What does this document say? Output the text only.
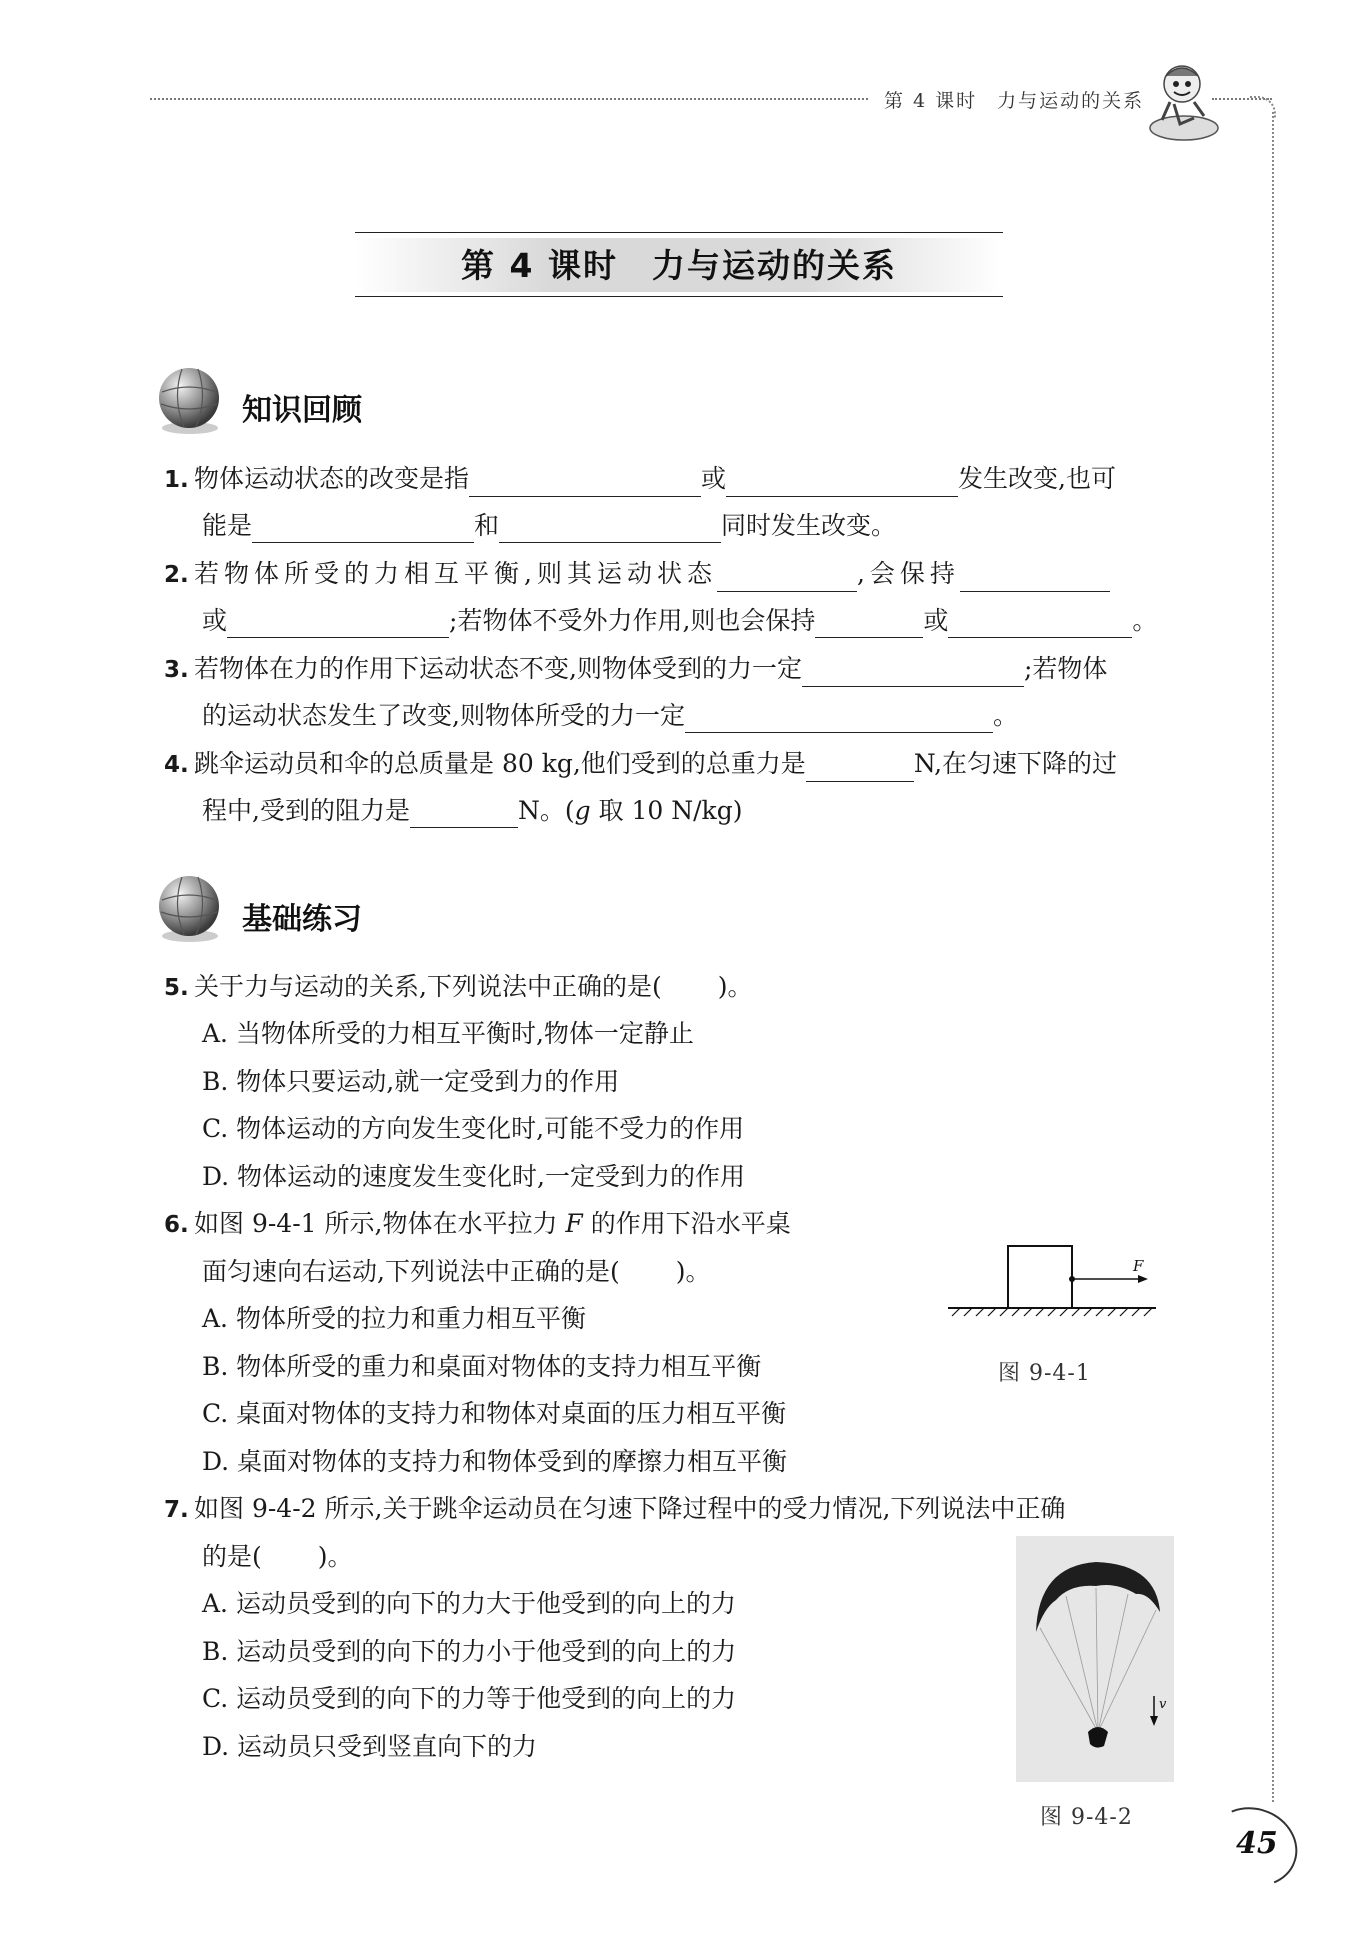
第 4 课时 力与运动的关系
第 4 课时 力与运动的关系
知识回顾
1. 物体运动状态的改变是指	或	发生改变,也可
能是	和	同时发生改变。
2. 若物体所受的力相互平衡,则其运动状态	,会保持
或	;若物体不受外力作用,则也会保持	或	。
3. 若物体在力的作用下运动状态不变,则物体受到的力一定	;若物体
的运动状态发生了改变,则物体所受的力一定	。
4. 跳伞运动员和伞的总质量是 80 kg,他们受到的总重力是	N,在匀速下降的过
程中,受到的阻力是	N。(g 取 10 N/kg)
基础练习
5. 关于力与运动的关系,下列说法中正确的是( )。
A. 当物体所受的力相互平衡时,物体一定静止
B. 物体只要运动,就一定受到力的作用
C. 物体运动的方向发生变化时,可能不受力的作用
D. 物体运动的速度发生变化时,一定受到力的作用
6. 如图 9-4-1 所示,物体在水平拉力 F 的作用下沿水平桌
面匀速向右运动,下列说法中正确的是( )。
A. 物体所受的拉力和重力相互平衡
B. 物体所受的重力和桌面对物体的支持力相互平衡
C. 桌面对物体的支持力和物体对桌面的压力相互平衡
D. 桌面对物体的支持力和物体受到的摩擦力相互平衡
F
图 9-4-1
7. 如图 9-4-2 所示,关于跳伞运动员在匀速下降过程中的受力情况,下列说法中正确
的是( )。
A. 运动员受到的向下的力大于他受到的向上的力
B. 运动员受到的向下的力小于他受到的向上的力
C. 运动员受到的向下的力等于他受到的向上的力
D. 运动员只受到竖直向下的力
v
图 9-4-2
45
